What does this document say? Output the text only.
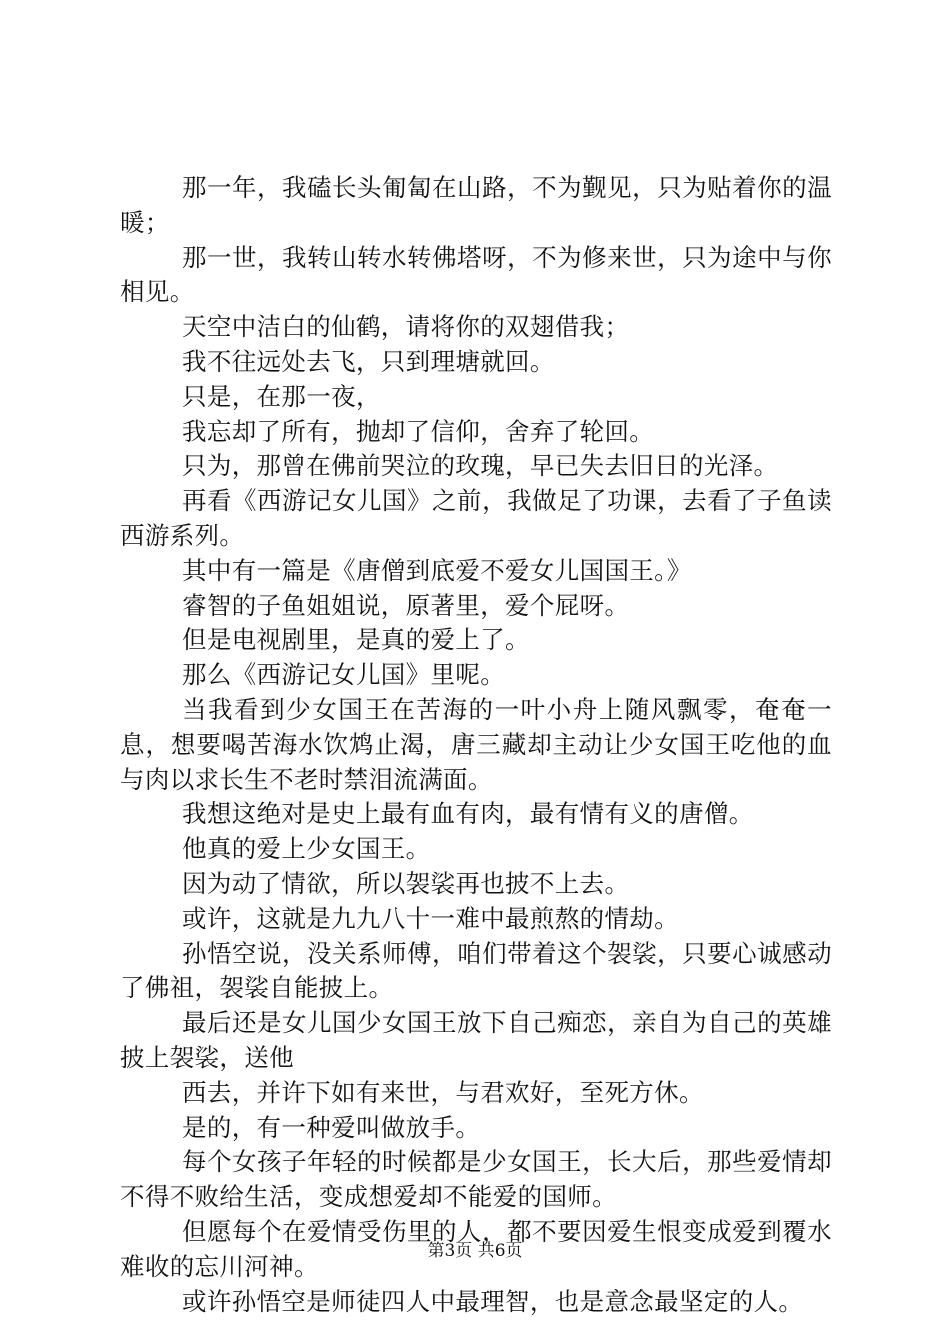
那一年，我磕长头匍匐在山路，不为觐见，只为贴着你的温暖；

那一世，我转山转水转佛塔呀，不为修来世，只为途中与你相见。

天空中洁白的仙鹤，请将你的双翅借我；

我不往远处去飞，只到理塘就回。

只是，在那一夜，

我忘却了所有，抛却了信仰，舍弃了轮回。

只为，那曾在佛前哭泣的玫瑰，早已失去旧日的光泽。

再看《西游记女儿国》之前，我做足了功课，去看了子鱼读西游系列。

其中有一篇是《唐僧到底爱不爱女儿国国王。》

睿智的子鱼姐姐说，原著里，爱个屁呀。

但是电视剧里，是真的爱上了。

那么《西游记女儿国》里呢。

当我看到少女国王在苦海的一叶小舟上随风飘零，奄奄一息，想要喝苦海水饮鸩止渴，唐三藏却主动让少女国王吃他的血与肉以求长生不老时禁泪流满面。

我想这绝对是史上最有血有肉，最有情有义的唐僧。

他真的爱上少女国王。

因为动了情欲，所以袈裟再也披不上去。

或许，这就是九九八十一难中最煎熬的情劫。

孙悟空说，没关系师傅，咱们带着这个袈裟，只要心诚感动了佛祖，袈裟自能披上。

最后还是女儿国少女国王放下自己痴恋，亲自为自己的英雄披上袈裟，送他

西去，并许下如有来世，与君欢好，至死方休。

是的，有一种爱叫做放手。

每个女孩子年轻的时候都是少女国王，长大后，那些爱情却不得不败给生活，变成想爱却不能爱的国师。

但愿每个在爱情受伤里的人，都不要因爱生恨变成爱到覆水难收的忘川河神。

或许孙悟空是师徒四人中最理智，也是意念最坚定的人。

第3页 共6页
